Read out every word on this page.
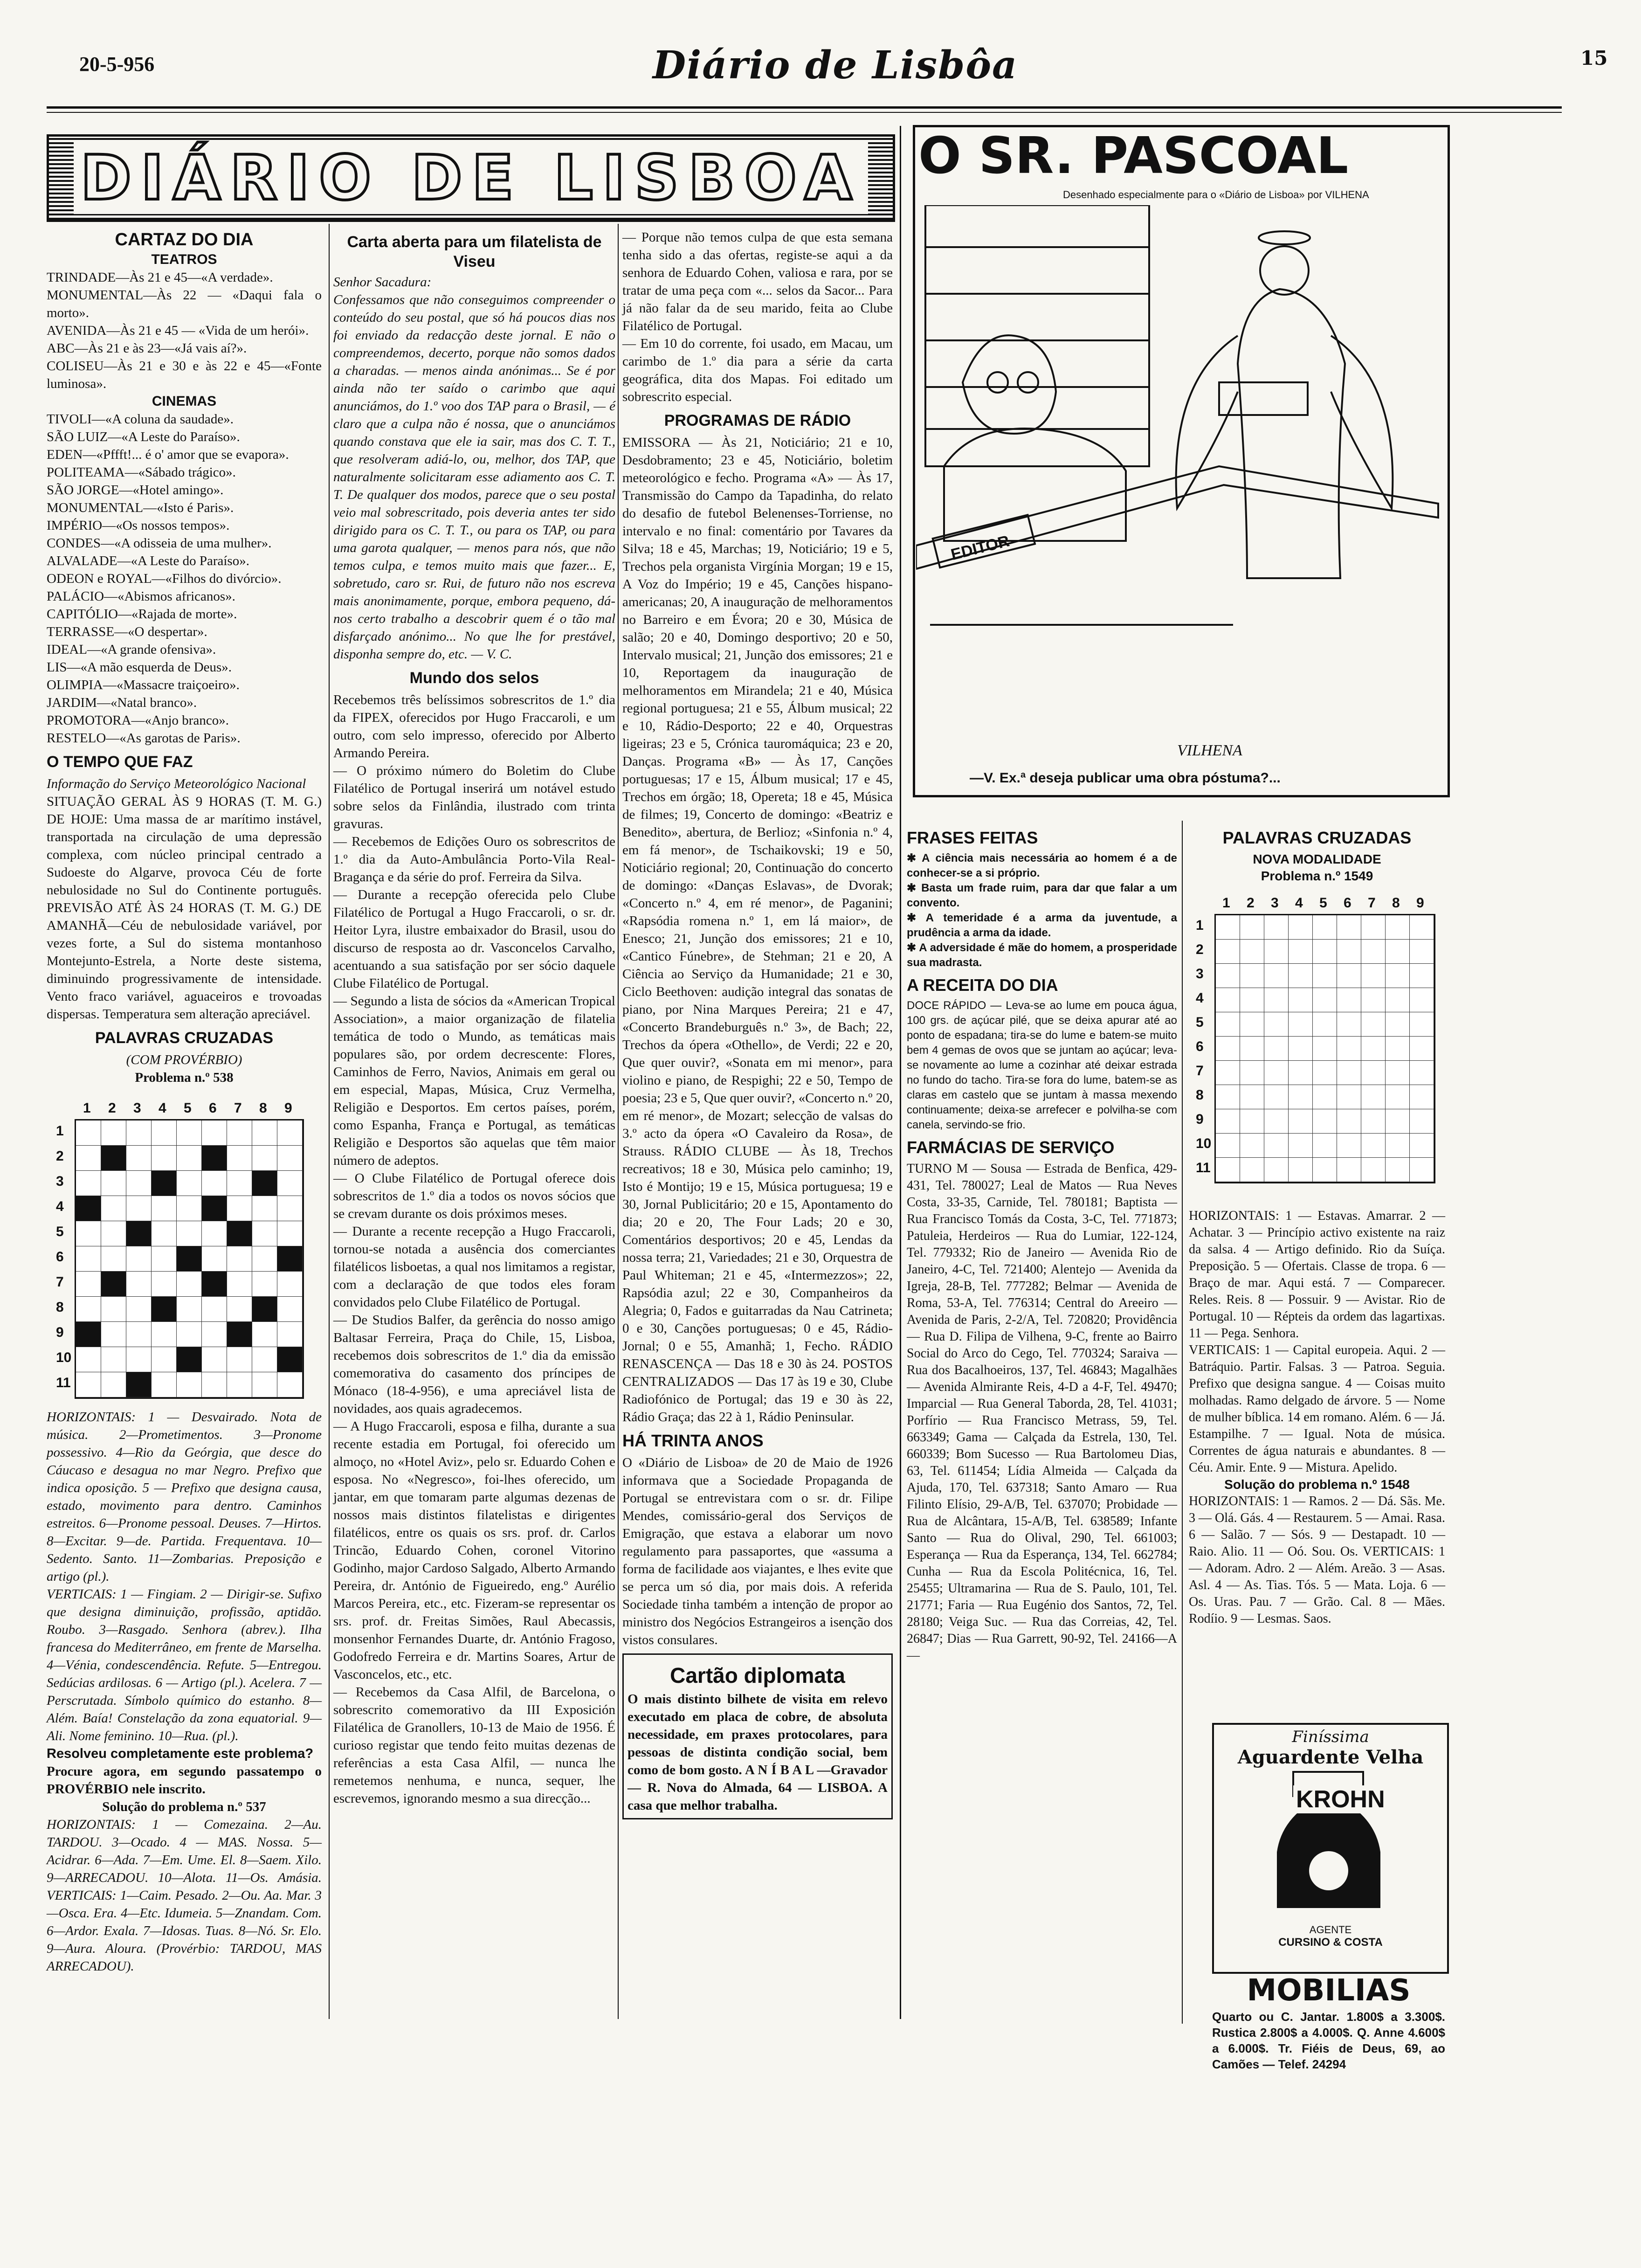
20-5-956	Diário de Lisbôa	15
DIÁRIO DE LISBOA
CARTAZ DO DIA
TEATROS

TRINDADE—Às 21 e 45—«A verdade».

MONUMENTAL—Às 22 — «Daqui fala o morto».

AVENIDA—Às 21 e 45 — «Vida de um herói».

ABC—Às 21 e às 23—«Já vais aí?».

COLISEU—Às 21 e 30 e às 22 e 45—«Fonte luminosa».

CINEMAS

TIVOLI—«A coluna da saudade».

SÃO LUIZ—«A Leste do Paraíso».

EDEN—«Pffft!... é o' amor que se evapora».

POLITEAMA—«Sábado trágico».

SÃO JORGE—«Hotel amingo».

MONUMENTAL—«Isto é Paris».

IMPÉRIO—«Os nossos tempos».

CONDES—«A odisseia de uma mulher».

ALVALADE—«A Leste do Paraíso».

ODEON e ROYAL—«Filhos do divórcio».

PALÁCIO—«Abismos africanos».

CAPITÓLIO—«Rajada de morte».

TERRASSE—«O despertar».

IDEAL—«A grande ofensiva».

LIS—«A mão esquerda de Deus».

OLIMPIA—«Massacre traiçoeiro».

JARDIM—«Natal branco».

PROMOTORA—«Anjo branco».

RESTELO—«As garotas de Paris».

O TEMPO QUE FAZ

Informação do Serviço Meteorológico Nacional

SITUAÇÃO GERAL ÀS 9 HORAS (T. M. G.) DE HOJE: Uma massa de ar marítimo instável, transportada na circulação de uma depressão complexa, com núcleo principal centrado a Sudoeste do Algarve, provoca Céu de forte nebulosidade no Sul do Continente português. PREVISÃO ATÉ ÀS 24 HORAS (T. M. G.) DE AMANHÃ—Céu de nebulosidade variável, por vezes forte, a Sul do sistema montanhoso Montejunto-Estrela, a Norte deste sistema, diminuindo progressivamente de intensidade. Vento fraco variável, aguaceiros e trovoadas dispersas. Temperatura sem alteração apreciável.

PALAVRAS CRUZADAS

(COM PROVÉRBIO)

Problema n.º 538

1 2 3 4 5 6 7 8 9
1
2
3
4
5
6
7
8
9
10
11

HORIZONTAIS: 1 — Desvairado. Nota de música. 2—Prometimentos. 3—Pronome possessivo. 4—Rio da Geórgia, que desce do Cáucaso e desagua no mar Negro. Prefixo que indica oposição. 5 — Prefixo que designa causa, estado, movimento para dentro. Caminhos estreitos. 6—Pronome pessoal. Deuses. 7—Hirtos. 8—Excitar. 9—de. Partida. Frequentava. 10—Sedento. Santo. 11—Zombarias. Preposição e artigo (pl.).

VERTICAIS: 1 — Fingiam. 2 — Dirigir-se. Sufixo que designa diminuição, profissão, aptidão. Roubo. 3—Rasgado. Senhora (abrev.). Ilha francesa do Mediterrâneo, em frente de Marselha. 4—Vénia, condescendência. Refute. 5—Entregou. Sedúcias ardilosas. 6 — Artigo (pl.). Acelera. 7 — Perscrutada. Símbolo químico do estanho. 8—Além. Baía! Constelação da zona equatorial. 9—Ali. Nome feminino. 10—Rua. (pl.).

Resolveu completamente este problema?

Procure agora, em segundo passatempo o PROVÉRBIO nele inscrito.

Solução do problema n.º 537

HORIZONTAIS: 1 — Comezaina. 2—Au. TARDOU. 3—Ocado. 4 — MAS. Nossa. 5—Acidrar. 6—Ada. 7—Em. Ume. El. 8—Saem. Xilo. 9—ARRECADOU. 10—Alota. 11—Os. Amásia. VERTICAIS: 1—Caim. Pesado. 2—Ou. Aa. Mar. 3—Osca. Era. 4—Etc. Idumeia. 5—Znandam. Com. 6—Ardor. Exala. 7—Idosas. Tuas. 8—Nó. Sr. Elo. 9—Aura. Aloura. (Provérbio: TARDOU, MAS ARRECADOU).

Carta aberta para um filatelista de Viseu

Senhor Sacadura:

Confessamos que não conseguimos compreender o conteúdo do seu postal, que só há poucos dias nos foi enviado da redacção deste jornal. E não o compreendemos, decerto, porque não somos dados a charadas. — menos ainda anónimas... Se é por ainda não ter saído o carimbo que aqui anunciámos, do 1.º voo dos TAP para o Brasil, — é claro que a culpa não é nossa, que o anunciámos quando constava que ele ia sair, mas dos C. T. T., que resolveram adiá-lo, ou, melhor, dos TAP, que naturalmente solicitaram esse adiamento aos C. T. T. De qualquer dos modos, parece que o seu postal veio mal sobrescritado, pois deveria antes ter sido dirigido para os C. T. T., ou para os TAP, ou para uma garota qualquer, — menos para nós, que não temos culpa, e temos muito mais que fazer... E, sobretudo, caro sr. Rui, de futuro não nos escreva mais anonimamente, porque, embora pequeno, dá-nos certo trabalho a descobrir quem é o tão mal disfarçado anónimo... No que lhe for prestável, disponha sempre do, etc. — V. C.

Mundo dos selos

Recebemos três belíssimos sobrescritos de 1.º dia da FIPEX, oferecidos por Hugo Fraccaroli, e um outro, com selo impresso, oferecido por Alberto Armando Pereira.

— O próximo número do Boletim do Clube Filatélico de Portugal inserirá um notável estudo sobre selos da Finlândia, ilustrado com trinta gravuras.

— Recebemos de Edições Ouro os sobrescritos de 1.º dia da Auto-Ambulância Porto-Vila Real-Bragança e da série do prof. Ferreira da Silva.

— Durante a recepção oferecida pelo Clube Filatélico de Portugal a Hugo Fraccaroli, o sr. dr. Heitor Lyra, ilustre embaixador do Brasil, usou do discurso de resposta ao dr. Vasconcelos Carvalho, acentuando a sua satisfação por ser sócio daquele Clube Filatélico de Portugal.

— Segundo a lista de sócios da «American Tropical Association», a maior organização de filatelia temática de todo o Mundo, as temáticas mais populares são, por ordem decrescente: Flores, Caminhos de Ferro, Navios, Animais em geral ou em especial, Mapas, Música, Cruz Vermelha, Religião e Desportos. Em certos países, porém, como Espanha, França e Portugal, as temáticas Religião e Desportos são aquelas que têm maior número de adeptos.

— O Clube Filatélico de Portugal oferece dois sobrescritos de 1.º dia a todos os novos sócios que se crevam durante os dois próximos meses.

— Durante a recente recepção a Hugo Fraccaroli, tornou-se notada a ausência dos comerciantes filatélicos lisboetas, a qual nos limitamos a registar, com a declaração de que todos eles foram convidados pelo Clube Filatélico de Portugal.

— De Studios Balfer, da gerência do nosso amigo Baltasar Ferreira, Praça do Chile, 15, Lisboa, recebemos dois sobrescritos de 1.º dia da emissão comemorativa do casamento dos príncipes de Mónaco (18-4-956), e uma apreciável lista de novidades, aos quais agradecemos.

— A Hugo Fraccaroli, esposa e filha, durante a sua recente estadia em Portugal, foi oferecido um almoço, no «Hotel Aviz», pelo sr. Eduardo Cohen e esposa. No «Negresco», foi-lhes oferecido, um jantar, em que tomaram parte algumas dezenas de nossos mais distintos filatelistas e dirigentes filatélicos, entre os quais os srs. prof. dr. Carlos Trincão, Eduardo Cohen, coronel Vitorino Godinho, major Cardoso Salgado, Alberto Armando Pereira, dr. António de Figueiredo, eng.º Aurélio Marcos Pereira, etc., etc. Fizeram-se representar os srs. prof. dr. Freitas Simões, Raul Abecassis, monsenhor Fernandes Duarte, dr. António Fragoso, Godofredo Ferreira e dr. Martins Soares, Artur de Vasconcelos, etc., etc.

— Recebemos da Casa Alfil, de Barcelona, o sobrescrito comemorativo da III Exposición Filatélica de Granollers, 10-13 de Maio de 1956. É curioso registar que tendo feito muitas dezenas de referências a esta Casa Alfil, — nunca lhe remetemos nenhuma, e nunca, sequer, lhe escrevemos, ignorando mesmo a sua direcção...

— Porque não temos culpa de que esta semana tenha sido a das ofertas, registe-se aqui a da senhora de Eduardo Cohen, valiosa e rara, por se tratar de uma peça com «... selos da Sacor... Para já não falar da de seu marido, feita ao Clube Filatélico de Portugal.

— Em 10 do corrente, foi usado, em Macau, um carimbo de 1.º dia para a série da carta geográfica, dita dos Mapas. Foi editado um sobrescrito especial.

PROGRAMAS DE RÁDIO

EMISSORA — Às 21, Noticiário; 21 e 10, Desdobramento; 23 e 45, Noticiário, boletim meteorológico e fecho. Programa «A» — Às 17, Transmissão do Campo da Tapadinha, do relato do desafio de futebol Belenenses-Torriense, no intervalo e no final: comentário por Tavares da Silva; 18 e 45, Marchas; 19, Noticiário; 19 e 5, Trechos pela organista Virgínia Morgan; 19 e 15, A Voz do Império; 19 e 45, Canções hispano-americanas; 20, A inauguração de melhoramentos no Barreiro e em Évora; 20 e 30, Música de salão; 20 e 40, Domingo desportivo; 20 e 50, Intervalo musical; 21, Junção dos emissores; 21 e 10, Reportagem da inauguração de melhoramentos em Mirandela; 21 e 40, Música regional portuguesa; 21 e 55, Álbum musical; 22 e 10, Rádio-Desporto; 22 e 40, Orquestras ligeiras; 23 e 5, Crónica tauromáquica; 23 e 20, Danças. Programa «B» — Às 17, Canções portuguesas; 17 e 15, Álbum musical; 17 e 45, Trechos em órgão; 18, Opereta; 18 e 45, Música de filmes; 19, Concerto de domingo: «Beatriz e Benedito», abertura, de Berlioz; «Sinfonia n.º 4, em fá menor», de Tschaikovski; 19 e 50, Noticiário regional; 20, Continuação do concerto de domingo: «Danças Eslavas», de Dvorak; «Concerto n.º 4, em ré menor», de Paganini; «Rapsódia romena n.º 1, em lá maior», de Enesco; 21, Junção dos emissores; 21 e 10, «Cantico Fúnebre», de Stehman; 21 e 20, A Ciência ao Serviço da Humanidade; 21 e 30, Ciclo Beethoven: audição integral das sonatas de piano, por Nina Marques Pereira; 21 e 47, «Concerto Brandeburguês n.º 3», de Bach; 22, Trechos da ópera «Othello», de Verdi; 22 e 20, Que quer ouvir?, «Sonata em mi menor», para violino e piano, de Respighi; 22 e 50, Tempo de poesia; 23 e 5, Que quer ouvir?, «Concerto n.º 20, em ré menor», de Mozart; selecção de valsas do 3.º acto da ópera «O Cavaleiro da Rosa», de Strauss. RÁDIO CLUBE — Às 18, Trechos recreativos; 18 e 30, Música pelo caminho; 19, Isto é Montijo; 19 e 15, Música portuguesa; 19 e 30, Jornal Publicitário; 20 e 15, Apontamento do dia; 20 e 20, The Four Lads; 20 e 30, Comentários desportivos; 20 e 45, Lendas da nossa terra; 21, Variedades; 21 e 30, Orquestra de Paul Whiteman; 21 e 45, «Intermezzos»; 22, Rapsódia azul; 22 e 30, Companheiros da Alegria; 0, Fados e guitarradas da Nau Catrineta; 0 e 30, Canções portuguesas; 0 e 45, Rádio-Jornal; 0 e 55, Amanhã; 1, Fecho. RÁDIO RENASCENÇA — Das 18 e 30 às 24. POSTOS CENTRALIZADOS — Das 17 às 19 e 30, Clube Radiofónico de Portugal; das 19 e 30 às 22, Rádio Graça; das 22 à 1, Rádio Peninsular.

HÁ TRINTA ANOS

O «Diário de Lisboa» de 20 de Maio de 1926 informava que a Sociedade Propaganda de Portugal se entrevistara com o sr. dr. Filipe Mendes, comissário-geral dos Serviços de Emigração, que estava a elaborar um novo regulamento para passaportes, que «assuma a forma de facilidade aos viajantes, e lhes evite que se perca um só dia, por mais dois. A referida Sociedade tinha também a intenção de propor ao ministro dos Negócios Estrangeiros a isenção dos vistos consulares.

Cartão diplomata

O mais distinto bilhete de visita em relevo executado em placa de cobre, de absoluta necessidade, em praxes protocolares, para pessoas de distinta condição social, bem como de bom gosto. A N Í B A L —Gravador — R. Nova do Almada, 64 — LISBOA. A casa que melhor trabalha.

O SR. PASCOAL
Desenhado especialmente para o «Diário de Lisboa» por VILHENA
EDITOR
VILHENA
—V. Ex.ª deseja publicar uma obra póstuma?...
FRASES FEITAS

✱ A ciência mais necessária ao homem é a de conhecer-se a si próprio.

✱ Basta um frade ruim, para dar que falar a um convento.

✱ A temeridade é a arma da juventude, a prudência a arma da idade.

✱ A adversidade é mãe do homem, a prosperidade sua madrasta.

A RECEITA DO DIA

DOCE RÁPIDO — Leva-se ao lume em pouca água, 100 grs. de açúcar pilé, que se deixa apurar até ao ponto de espadana; tira-se do lume e batem-se muito bem 4 gemas de ovos que se juntam ao açúcar; leva-se novamente ao lume a cozinhar até deixar estrada no fundo do tacho. Tira-se fora do lume, batem-se as claras em castelo que se juntam à massa mexendo continuamente; deixa-se arrefecer e polvilha-se com canela, servindo-se frio.

FARMÁCIAS DE SERVIÇO

TURNO M — Sousa — Estrada de Benfica, 429-431, Tel. 780027; Leal de Matos — Rua Neves Costa, 33-35, Carnide, Tel. 780181; Baptista — Rua Francisco Tomás da Costa, 3-C, Tel. 771873; Patuleia, Herdeiros — Rua do Lumiar, 122-124, Tel. 779332; Rio de Janeiro — Avenida Rio de Janeiro, 4-C, Tel. 721400; Alentejo — Avenida da Igreja, 28-B, Tel. 777282; Belmar — Avenida de Roma, 53-A, Tel. 776314; Central do Areeiro — Avenida de Paris, 2-2/A, Tel. 720820; Providência — Rua D. Filipa de Vilhena, 9-C, frente ao Bairro Social do Arco do Cego, Tel. 770324; Saraiva — Rua dos Bacalhoeiros, 137, Tel. 46843; Magalhães — Avenida Almirante Reis, 4-D a 4-F, Tel. 49470; Imparcial — Rua General Taborda, 28, Tel. 41031; Porfírio — Rua Francisco Metrass, 59, Tel. 663349; Gama — Calçada da Estrela, 130, Tel. 660339; Bom Sucesso — Rua Bartolomeu Dias, 63, Tel. 611454; Lídia Almeida — Calçada da Ajuda, 170, Tel. 637318; Santo Amaro — Rua Filinto Elísio, 29-A/B, Tel. 637070; Probidade — Rua de Alcântara, 15-A/B, Tel. 638589; Infante Santo — Rua do Olival, 290, Tel. 661003; Esperança — Rua da Esperança, 134, Tel. 662784; Cunha — Rua da Escola Politécnica, 16, Tel. 25455; Ultramarina — Rua de S. Paulo, 101, Tel. 21771; Faria — Rua Eugénio dos Santos, 72, Tel. 28180; Veiga Suc. — Rua das Correias, 42, Tel. 26847; Dias — Rua Garrett, 90-92, Tel. 24166—A—

PALAVRAS CRUZADAS

NOVA MODALIDADE

Problema n.º 1549

1 2 3 4 5 6 7 8 9
1
2
3
4
5
6
7
8
9
10
11

HORIZONTAIS: 1 — Estavas. Amarrar. 2 — Achatar. 3 — Princípio activo existente na raiz da salsa. 4 — Artigo definido. Rio da Suíça. Preposição. 5 — Ofertais. Classe de tropa. 6 — Braço de mar. Aqui está. 7 — Comparecer. Reles. Reis. 8 — Possuir. 9 — Avistar. Rio de Portugal. 10 — Répteis da ordem das lagartixas. 11 — Pega. Senhora.

VERTICAIS: 1 — Capital europeia. Aqui. 2 — Batráquio. Partir. Falsas. 3 — Patroa. Seguia. Prefixo que designa sangue. 4 — Coisas muito molhadas. Ramo delgado de árvore. 5 — Nome de mulher bíblica. 14 em romano. Além. 6 — Já. Estampilhe. 7 — Igual. Nota de música. Correntes de água naturais e abundantes. 8 — Céu. Amir. Ente. 9 — Mistura. Apelido.

Solução do problema n.º 1548

HORIZONTAIS: 1 — Ramos. 2 — Dá. Sãs. Me. 3 — Olá. Gás. 4 — Restaurem. 5 — Amai. Rasa. 6 — Salão. 7 — Sós. 9 — Destapadt. 10 — Raio. Alio. 11 — Oó. Sou. Os. VERTICAIS: 1 — Adoram. Adro. 2 — Além. Areão. 3 — Asas. Asl. 4 — As. Tias. Tós. 5 — Mata. Loja. 6 — Os. Uras. Pau. 7 — Grão. Cal. 8 — Mães. Rodíio. 9 — Lesmas. Saos.

Finíssima
Aguardente Velha
KROHN
AGENTE
CURSINO & COSTA
MOBILIAS
Quarto ou C. Jantar. 1.800$ a 3.300$. Rustica 2.800$ a 4.000$. Q. Anne 4.600$ a 6.000$. Tr. Fiéis de Deus, 69, ao Camões — Telef. 24294
